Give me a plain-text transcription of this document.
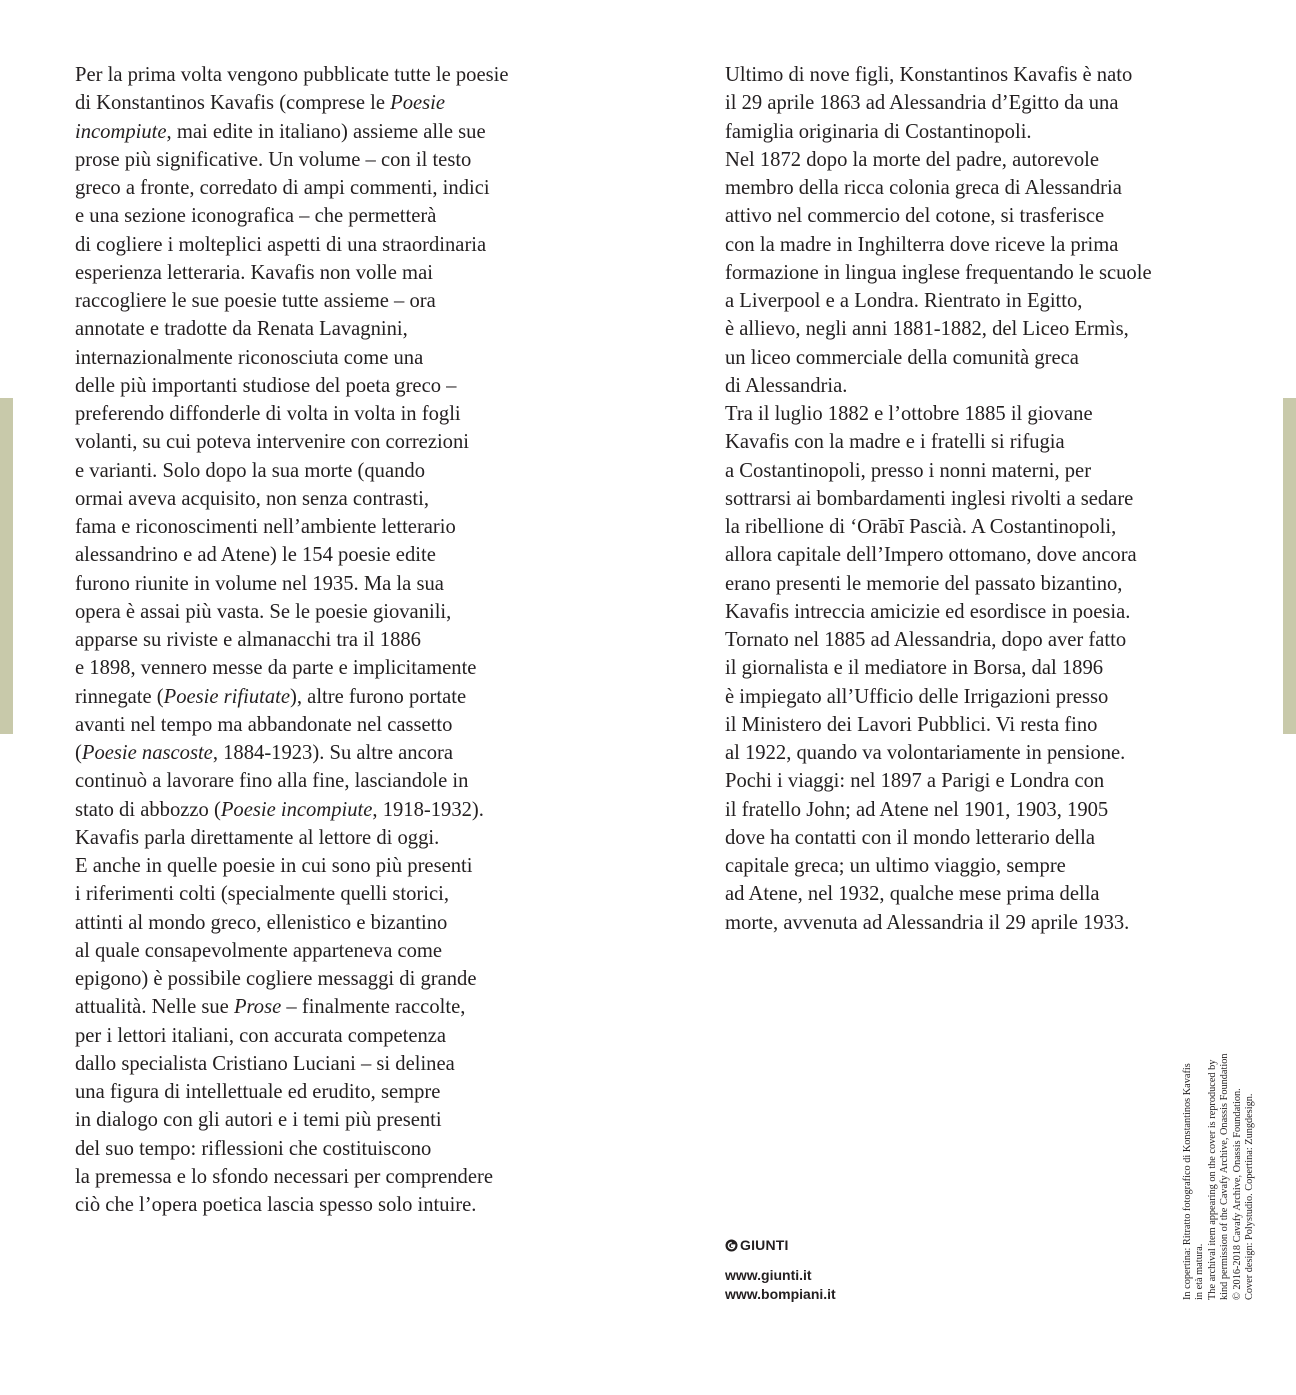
Per la prima volta vengono pubblicate tutte le poesie
di Konstantinos Kavafis (comprese le Poesie
incompiute, mai edite in italiano) assieme alle sue
prose più significative. Un volume – con il testo
greco a fronte, corredato di ampi commenti, indici
e una sezione iconografica – che permetterà
di cogliere i molteplici aspetti di una straordinaria
esperienza letteraria. Kavafis non volle mai
raccogliere le sue poesie tutte assieme – ora
annotate e tradotte da Renata Lavagnini,
internazionalmente riconosciuta come una
delle più importanti studiose del poeta greco –
preferendo diffonderle di volta in volta in fogli
volanti, su cui poteva intervenire con correzioni
e varianti. Solo dopo la sua morte (quando
ormai aveva acquisito, non senza contrasti,
fama e riconoscimenti nell’ambiente letterario
alessandrino e ad Atene) le 154 poesie edite
furono riunite in volume nel 1935. Ma la sua
opera è assai più vasta. Se le poesie giovanili,
apparse su riviste e almanacchi tra il 1886
e 1898, vennero messe da parte e implicitamente
rinnegate (Poesie rifiutate), altre furono portate
avanti nel tempo ma abbandonate nel cassetto
(Poesie nascoste, 1884-1923). Su altre ancora
continuò a lavorare fino alla fine, lasciandole in
stato di abbozzo (Poesie incompiute, 1918-1932).
Kavafis parla direttamente al lettore di oggi.
E anche in quelle poesie in cui sono più presenti
i riferimenti colti (specialmente quelli storici,
attinti al mondo greco, ellenistico e bizantino
al quale consapevolmente apparteneva come
epigono) è possibile cogliere messaggi di grande
attualità. Nelle sue Prose – finalmente raccolte,
per i lettori italiani, con accurata competenza
dallo specialista Cristiano Luciani – si delinea
una figura di intellettuale ed erudito, sempre
in dialogo con gli autori e i temi più presenti
del suo tempo: riflessioni che costituiscono
la premessa e lo sfondo necessari per comprendere
ciò che l’opera poetica lascia spesso solo intuire.
Ultimo di nove figli, Konstantinos Kavafis è nato
il 29 aprile 1863 ad Alessandria d’Egitto da una
famiglia originaria di Costantinopoli.
Nel 1872 dopo la morte del padre, autorevole
membro della ricca colonia greca di Alessandria
attivo nel commercio del cotone, si trasferisce
con la madre in Inghilterra dove riceve la prima
formazione in lingua inglese frequentando le scuole
a Liverpool e a Londra. Rientrato in Egitto,
è allievo, negli anni 1881-1882, del Liceo Ermìs,
un liceo commerciale della comunità greca
di Alessandria.
Tra il luglio 1882 e l’ottobre 1885 il giovane
Kavafis con la madre e i fratelli si rifugia
a Costantinopoli, presso i nonni materni, per
sottrarsi ai bombardamenti inglesi rivolti a sedare
la ribellione di ‘Orābī Pascià. A Costantinopoli,
allora capitale dell’Impero ottomano, dove ancora
erano presenti le memorie del passato bizantino,
Kavafis intreccia amicizie ed esordisce in poesia.
Tornato nel 1885 ad Alessandria, dopo aver fatto
il giornalista e il mediatore in Borsa, dal 1896
è impiegato all’Ufficio delle Irrigazioni presso
il Ministero dei Lavori Pubblici. Vi resta fino
al 1922, quando va volontariamente in pensione.
Pochi i viaggi: nel 1897 a Parigi e Londra con
il fratello John; ad Atene nel 1901, 1903, 1905
dove ha contatti con il mondo letterario della
capitale greca; un ultimo viaggio, sempre
ad Atene, nel 1932, qualche mese prima della
morte, avvenuta ad Alessandria il 29 aprile 1933.
GIUNTI
www.giunti.it
www.bompiani.it	In copertina: Ritratto fotografico di Konstantinos Kavafis in età matura. The archival item appearing on the cover is reproduced by kind permission of the Cavafy Archive, Onassis Foundation © 2016-2018 Cavafy Archive, Onassis Foundation. Cover design: Polystudio. Copertina: Zungdesign.
